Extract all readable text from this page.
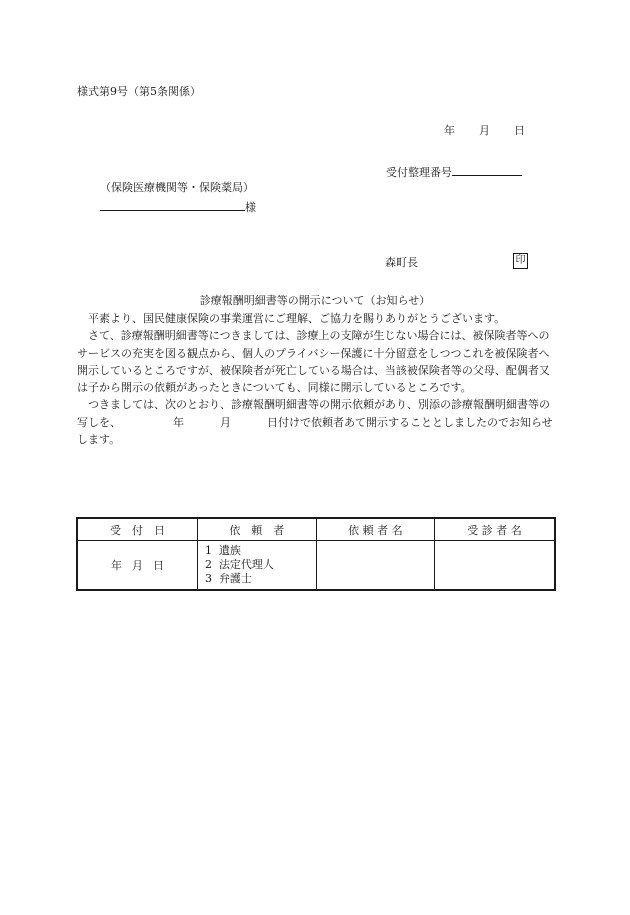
様式第9号（第5条関係）
年 月 日
受付整理番号
（保険医療機関等・保険薬局）
様
森町長	印
診療報酬明細書等の開示について（お知らせ）

平素より、国民健康保険の事業運営にご理解、ご協力を賜りありがとうございます。

さて、診療報酬明細書等につきましては、診療上の支障が生じない場合には、被保険者等へのサービスの充実を図る観点から、個人のプライバシー保護に十分留意をしつつこれを被保険者へ開示しているところですが、被保険者が死亡している場合は、当該被保険者等の父母、配偶者又は子から開示の依頼があったときについても、同様に開示しているところです。

つきましては、次のとおり、診療報酬明細書等の開示依頼があり、別添の診療報酬明細書等の写しを、	年	月	日付けで依頼者あて開示することとしましたのでお知らせします。

受　付　日	依　頼　者	依 頼 者 名	受 診 者 名
年 月 日	1 遺族
2 法定代理人
3 弁護士		
